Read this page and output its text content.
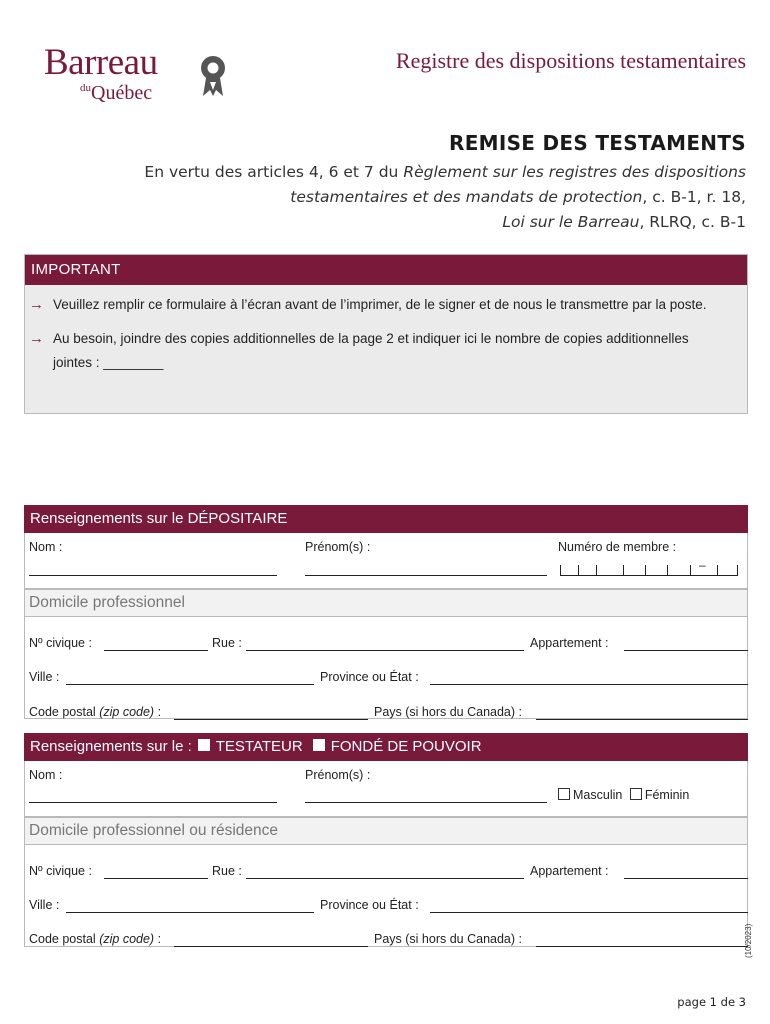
Barreau
$^{du}$Québec
Registre des dispositions testamentaires
REMISE DES TESTAMENTS
En vertu des articles 4, 6 et 7 du Règlement sur les registres des dispositions
testamentaires et des mandats de protection, c. B-1, r. 18,
Loi sur le Barreau, RLRQ, c. B-1
IMPORTANT
→ Veuillez remplir ce formulaire à l’écran avant de l’imprimer, de le signer et de nous le transmettre par la poste.
→ Au besoin, joindre des copies additionnelles de la page 2 et indiquer ici le nombre de copies additionnelles jointes : ________
Renseignements sur le DÉPOSITAIRE
Nom :	Prénom(s) :	Numéro de membre :
–
Domicile professionnel
Nº civique :	Rue :	Appartement :
Ville :	Province ou État :
Code postal (zip code) :	Pays (si hors du Canada) :
Renseignements sur le : TESTATEUR FONDÉ DE POUVOIR
Nom :	Prénom(s) :
Masculin Féminin
Domicile professionnel ou résidence
Nº civique :	Rue :	Appartement :
Ville :	Province ou État :
Code postal (zip code) :	Pays (si hors du Canada) :	(10/2023)
page 1 de 3
